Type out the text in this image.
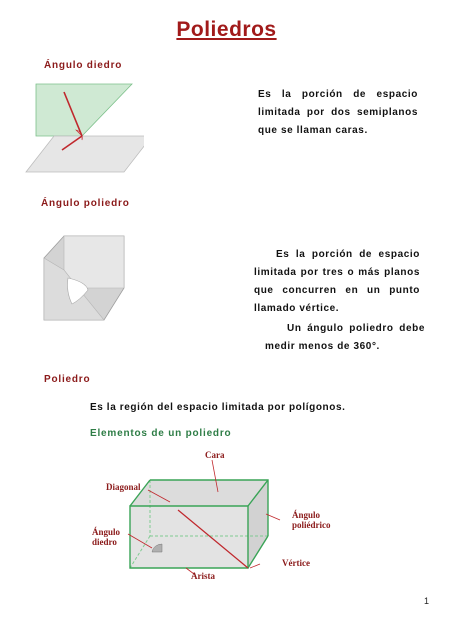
Poliedros
Ángulo diedro

Es la porción de espacio limitada por dos semiplanos que se llaman caras.

Ángulo poliedro

Es la porción de espacio limitada por tres o más planos que concurren en un punto llamado vértice.

Un ángulo poliedro debe medir menos de 360°.

Poliedro

Es la región del espacio limitada por polígonos.

Elementos de un poliedro
Cara
Diagonal
Ángulo
diedro
Ángulo
poliédrico
Vértice
Arista
1
